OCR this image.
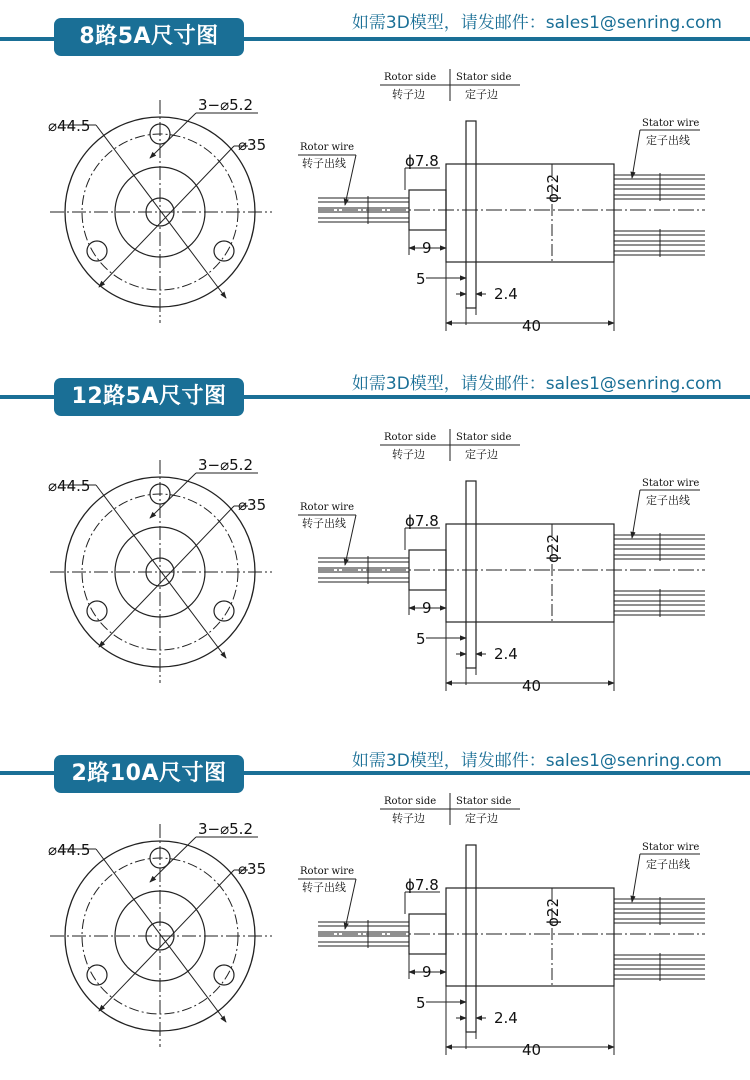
8路5A尺寸图
如需3D模型，请发邮件：sales1@senring.com
12路5A尺寸图	如需3D模型，请发邮件：sales1@senring.com
2路10A尺寸图	如需3D模型，请发邮件：sales1@senring.com
⌀44.5
3−⌀5.2
⌀35
Rotor side
转子边
Stator side
定子边
Rotor wire
转子出线
Stator wire
定子出线
ϕ7.8
ϕ22
9
5
2.4
40
⌀44.5
3−⌀5.2
⌀35
Rotor side
转子边
Stator side
定子边
Rotor wire
转子出线
Stator wire
定子出线
ϕ7.8
ϕ22
9
5
2.4
40
⌀44.5
3−⌀5.2
⌀35
Rotor side
转子边
Stator side
定子边
Rotor wire
转子出线
Stator wire
定子出线
ϕ7.8
ϕ22
9
5
2.4
40
